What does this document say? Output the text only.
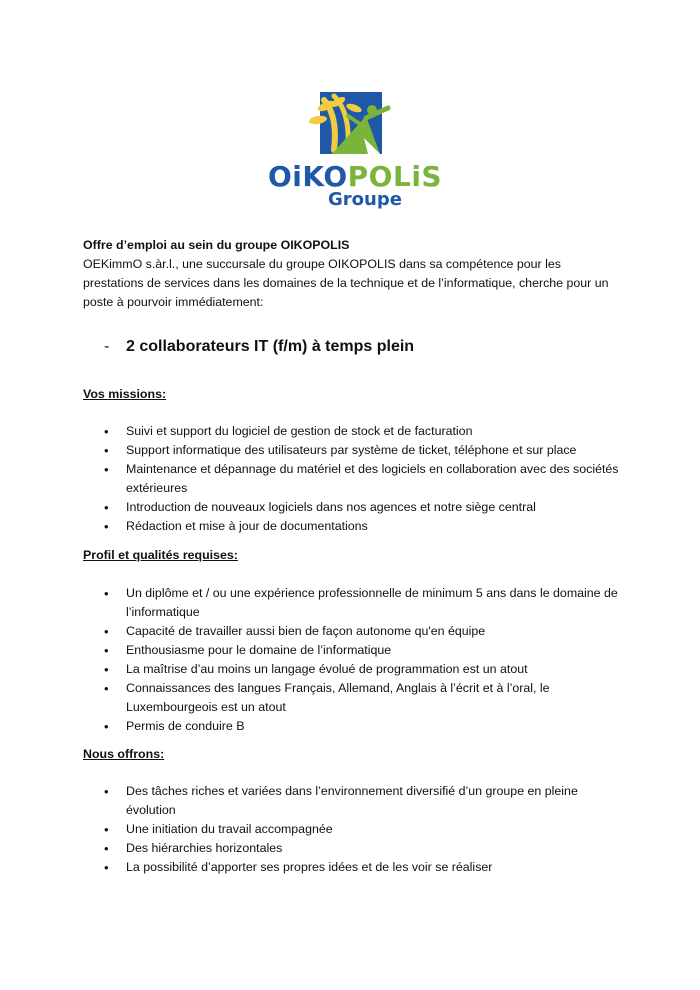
OiKOPOLiS
Groupe
Offre d’emploi au sein du groupe OIKOPOLIS
OEKimmO s.àr.l., une succursale du groupe OIKOPOLIS dans sa compétence pour les prestations de services dans les domaines de la technique et de l’informatique, cherche pour un poste à pourvoir immédiatement:
- 2 collaborateurs IT (f/m) à temps plein
Vos missions:
• Suivi et support du logiciel de gestion de stock et de facturation
• Support informatique des utilisateurs par système de ticket, téléphone et sur place
• Maintenance et dépannage du matériel et des logiciels en collaboration avec des sociétés extérieures
• Introduction de nouveaux logiciels dans nos agences et notre siège central
• Rédaction et mise à jour de documentations
Profil et qualités requises:
• Un diplôme et / ou une expérience professionnelle de minimum 5 ans dans le domaine de l’informatique
• Capacité de travailler aussi bien de façon autonome qu'en équipe
• Enthousiasme pour le domaine de l’informatique
• La maîtrise d’au moins un langage évolué de programmation est un atout
• Connaissances des langues Français, Allemand, Anglais à l’écrit et à l’oral, le Luxembourgeois est un atout
• Permis de conduire B
Nous offrons:
• Des tâches riches et variées dans l’environnement diversifié d’un groupe en pleine évolution
• Une initiation du travail accompagnée
• Des hiérarchies horizontales
• La possibilité d’apporter ses propres idées et de les voir se réaliser
